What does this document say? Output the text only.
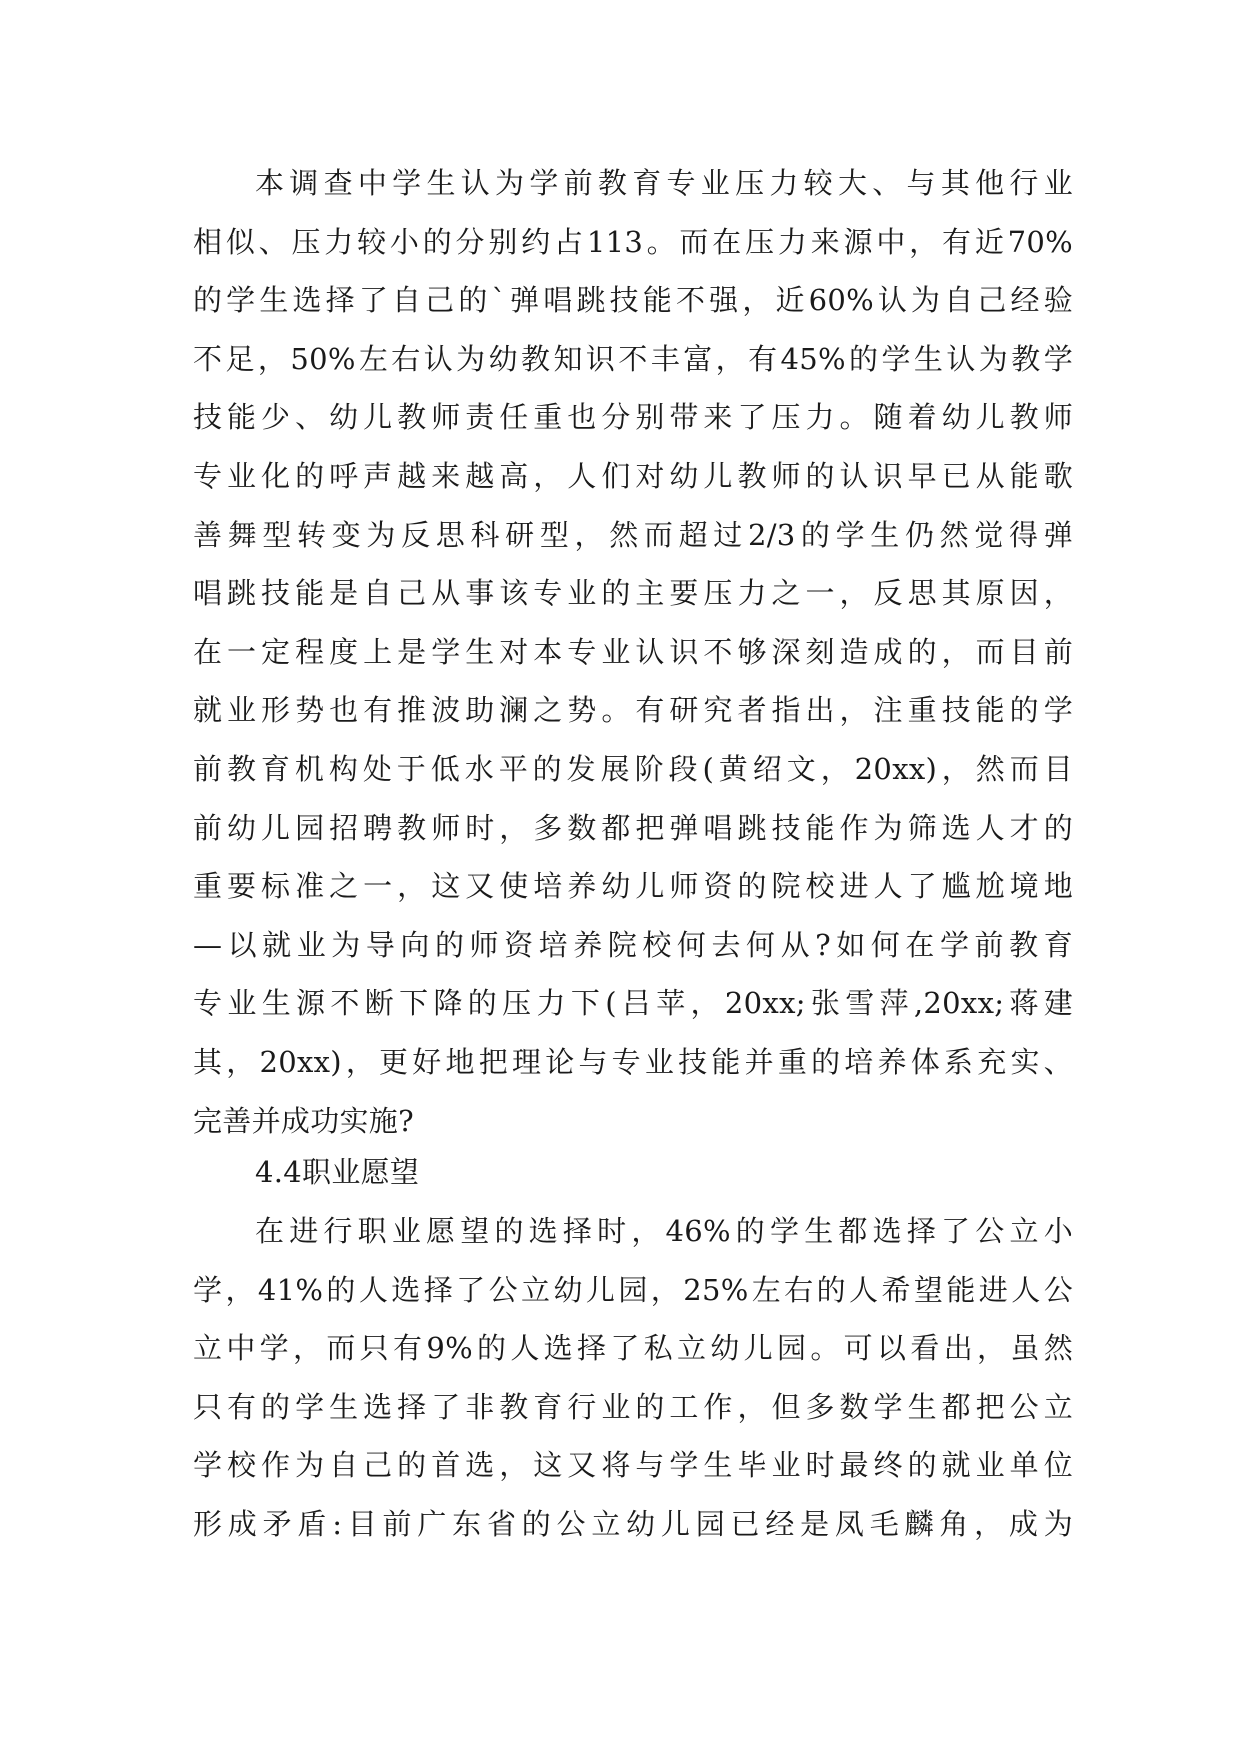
本调查中学生认为学前教育专业压力较大、与其他行业
相似、压力较小的分别约占113。而在压力来源中，有近70%
的学生选择了自己的`弹唱跳技能不强，近60%认为自己经验
不足，50%左右认为幼教知识不丰富，有45%的学生认为教学
技能少、幼儿教师责任重也分别带来了压力。随着幼儿教师
专业化的呼声越来越高，人们对幼儿教师的认识早已从能歌
善舞型转变为反思科研型，然而超过2/3的学生仍然觉得弹
唱跳技能是自己从事该专业的主要压力之一，反思其原因，
在一定程度上是学生对本专业认识不够深刻造成的，而目前
就业形势也有推波助澜之势。有研究者指出，注重技能的学
前教育机构处于低水平的发展阶段(黄绍文，20xx)，然而目
前幼儿园招聘教师时，多数都把弹唱跳技能作为筛选人才的
重要标准之一，这又使培养幼儿师资的院校进人了尴尬境地
—以就业为导向的师资培养院校何去何从?如何在学前教育
专业生源不断下降的压力下(吕苹，20xx;张雪萍,20xx;蒋建
其，20xx)，更好地把理论与专业技能并重的培养体系充实、
完善并成功实施?
4.4职业愿望
在进行职业愿望的选择时，46%的学生都选择了公立小
学，41%的人选择了公立幼儿园，25%左右的人希望能进人公
立中学，而只有9%的人选择了私立幼儿园。可以看出，虽然
只有的学生选择了非教育行业的工作，但多数学生都把公立
学校作为自己的首选，这又将与学生毕业时最终的就业单位
形成矛盾:目前广东省的公立幼儿园已经是凤毛麟角，成为
